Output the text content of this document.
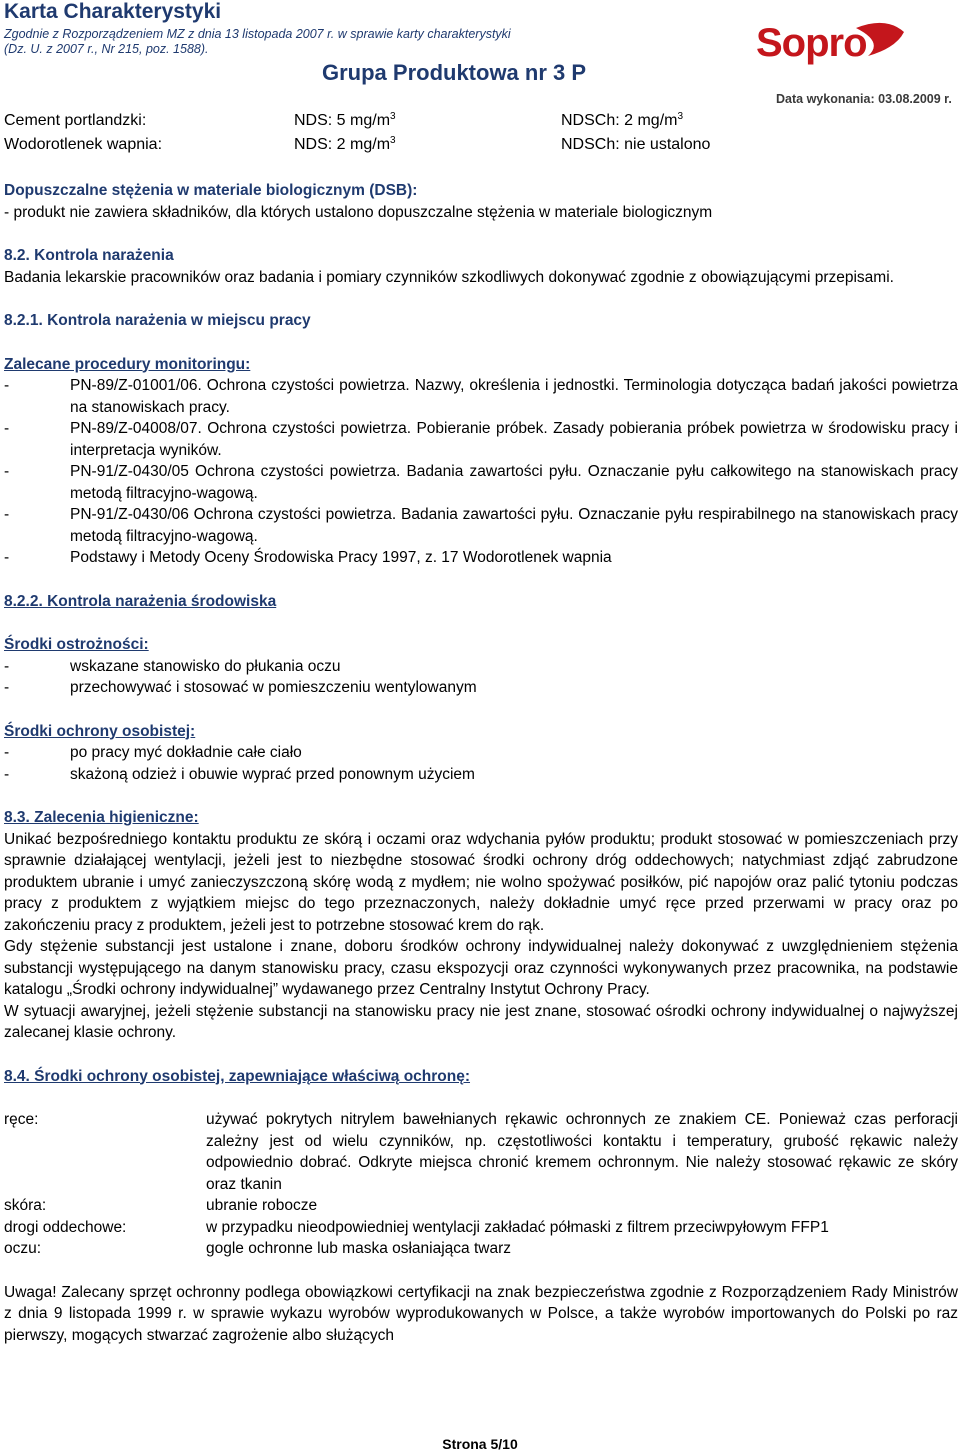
Karta Charakterystyki
Zgodnie z Rozporządzeniem MZ z dnia 13 listopada 2007 r. w sprawie karty charakterystyki
(Dz. U. z 2007 r., Nr 215, poz. 1588).
Grupa Produktowa nr 3 P
Sopro
Data wykonania: 03.08.2009 r.
Cement portlandzki:	NDS: 5 $mg/m^3$	NDSCh: 2 $mg/m^3$
Wodorotlenek wapnia:	NDS: 2 $mg/m^3$	NDSCh: nie ustalono
Dopuszczalne stężenia w materiale biologicznym (DSB):
- produkt nie zawiera składników, dla których ustalono dopuszczalne stężenia w materiale biologicznym
8.2. Kontrola narażenia
Badania lekarskie pracowników oraz badania i pomiary czynników szkodliwych dokonywać zgodnie z obowiązującymi przepisami.
8.2.1. Kontrola narażenia w miejscu pracy
Zalecane procedury monitoringu:
-	PN-89/Z-01001/06. Ochrona czystości powietrza. Nazwy, określenia i jednostki. Terminologia dotycząca badań jakości powietrza na stanowiskach pracy.
-	PN-89/Z-04008/07. Ochrona czystości powietrza. Pobieranie próbek. Zasady pobierania próbek powietrza w środowisku pracy i interpretacja wyników.
-	PN-91/Z-0430/05 Ochrona czystości powietrza. Badania zawartości pyłu. Oznaczanie pyłu całkowitego na stanowiskach pracy metodą filtracyjno-wagową.
-	PN-91/Z-0430/06 Ochrona czystości powietrza. Badania zawartości pyłu. Oznaczanie pyłu respirabilnego na stanowiskach pracy metodą filtracyjno-wagową.
-	Podstawy i Metody Oceny Środowiska Pracy 1997, z. 17 Wodorotlenek wapnia
8.2.2. Kontrola narażenia środowiska
Środki ostrożności:
-	wskazane stanowisko do płukania oczu
-	przechowywać i stosować w pomieszczeniu wentylowanym
Środki ochrony osobistej:
-	po pracy myć dokładnie całe ciało
-	skażoną odzież i obuwie wyprać przed ponownym użyciem
8.3. Zalecenia higieniczne:
Unikać bezpośredniego kontaktu produktu ze skórą i oczami oraz wdychania pyłów produktu; produkt stosować w pomieszczeniach przy sprawnie działającej wentylacji, jeżeli jest to niezbędne stosować środki ochrony dróg oddechowych; natychmiast zdjąć zabrudzone produktem ubranie i umyć zanieczyszczoną skórę wodą z mydłem; nie wolno spożywać posiłków, pić napojów oraz palić tytoniu podczas pracy z produktem z wyjątkiem miejsc do tego przeznaczonych, należy dokładnie umyć ręce przed przerwami w pracy oraz po zakończeniu pracy z produktem, jeżeli jest to potrzebne stosować krem do rąk.
Gdy stężenie substancji jest ustalone i znane, doboru środków ochrony indywidualnej należy dokonywać z uwzględnieniem stężenia substancji występującego na danym stanowisku pracy, czasu ekspozycji oraz czynności wykonywanych przez pracownika, na podstawie katalogu „Środki ochrony indywidualnej” wydawanego przez Centralny Instytut Ochrony Pracy.
W sytuacji awaryjnej, jeżeli stężenie substancji na stanowisku pracy nie jest znane, stosować ośrodki ochrony indywidualnej o najwyższej zalecanej klasie ochrony.
8.4. Środki ochrony osobistej, zapewniające właściwą ochronę:
ręce:	używać pokrytych nitrylem bawełnianych rękawic ochronnych ze znakiem CE. Ponieważ czas perforacji zależny jest od wielu czynników, np. częstotliwości kontaktu i temperatury, grubość rękawic należy odpowiednio dobrać. Odkryte miejsca chronić kremem ochronnym. Nie należy stosować rękawic ze skóry oraz tkanin
skóra:	ubranie robocze
drogi oddechowe:	w przypadku nieodpowiedniej wentylacji zakładać półmaski z filtrem przeciwpyłowym FFP1
oczu:	gogle ochronne lub maska osłaniająca twarz
Uwaga! Zalecany sprzęt ochronny podlega obowiązkowi certyfikacji na znak bezpieczeństwa zgodnie z Rozporządzeniem Rady Ministrów z dnia 9 listopada 1999 r. w sprawie wykazu wyrobów wyprodukowanych w Polsce, a także wyrobów importowanych do Polski po raz pierwszy, mogących stwarzać zagrożenie albo służących
Strona 5/10
